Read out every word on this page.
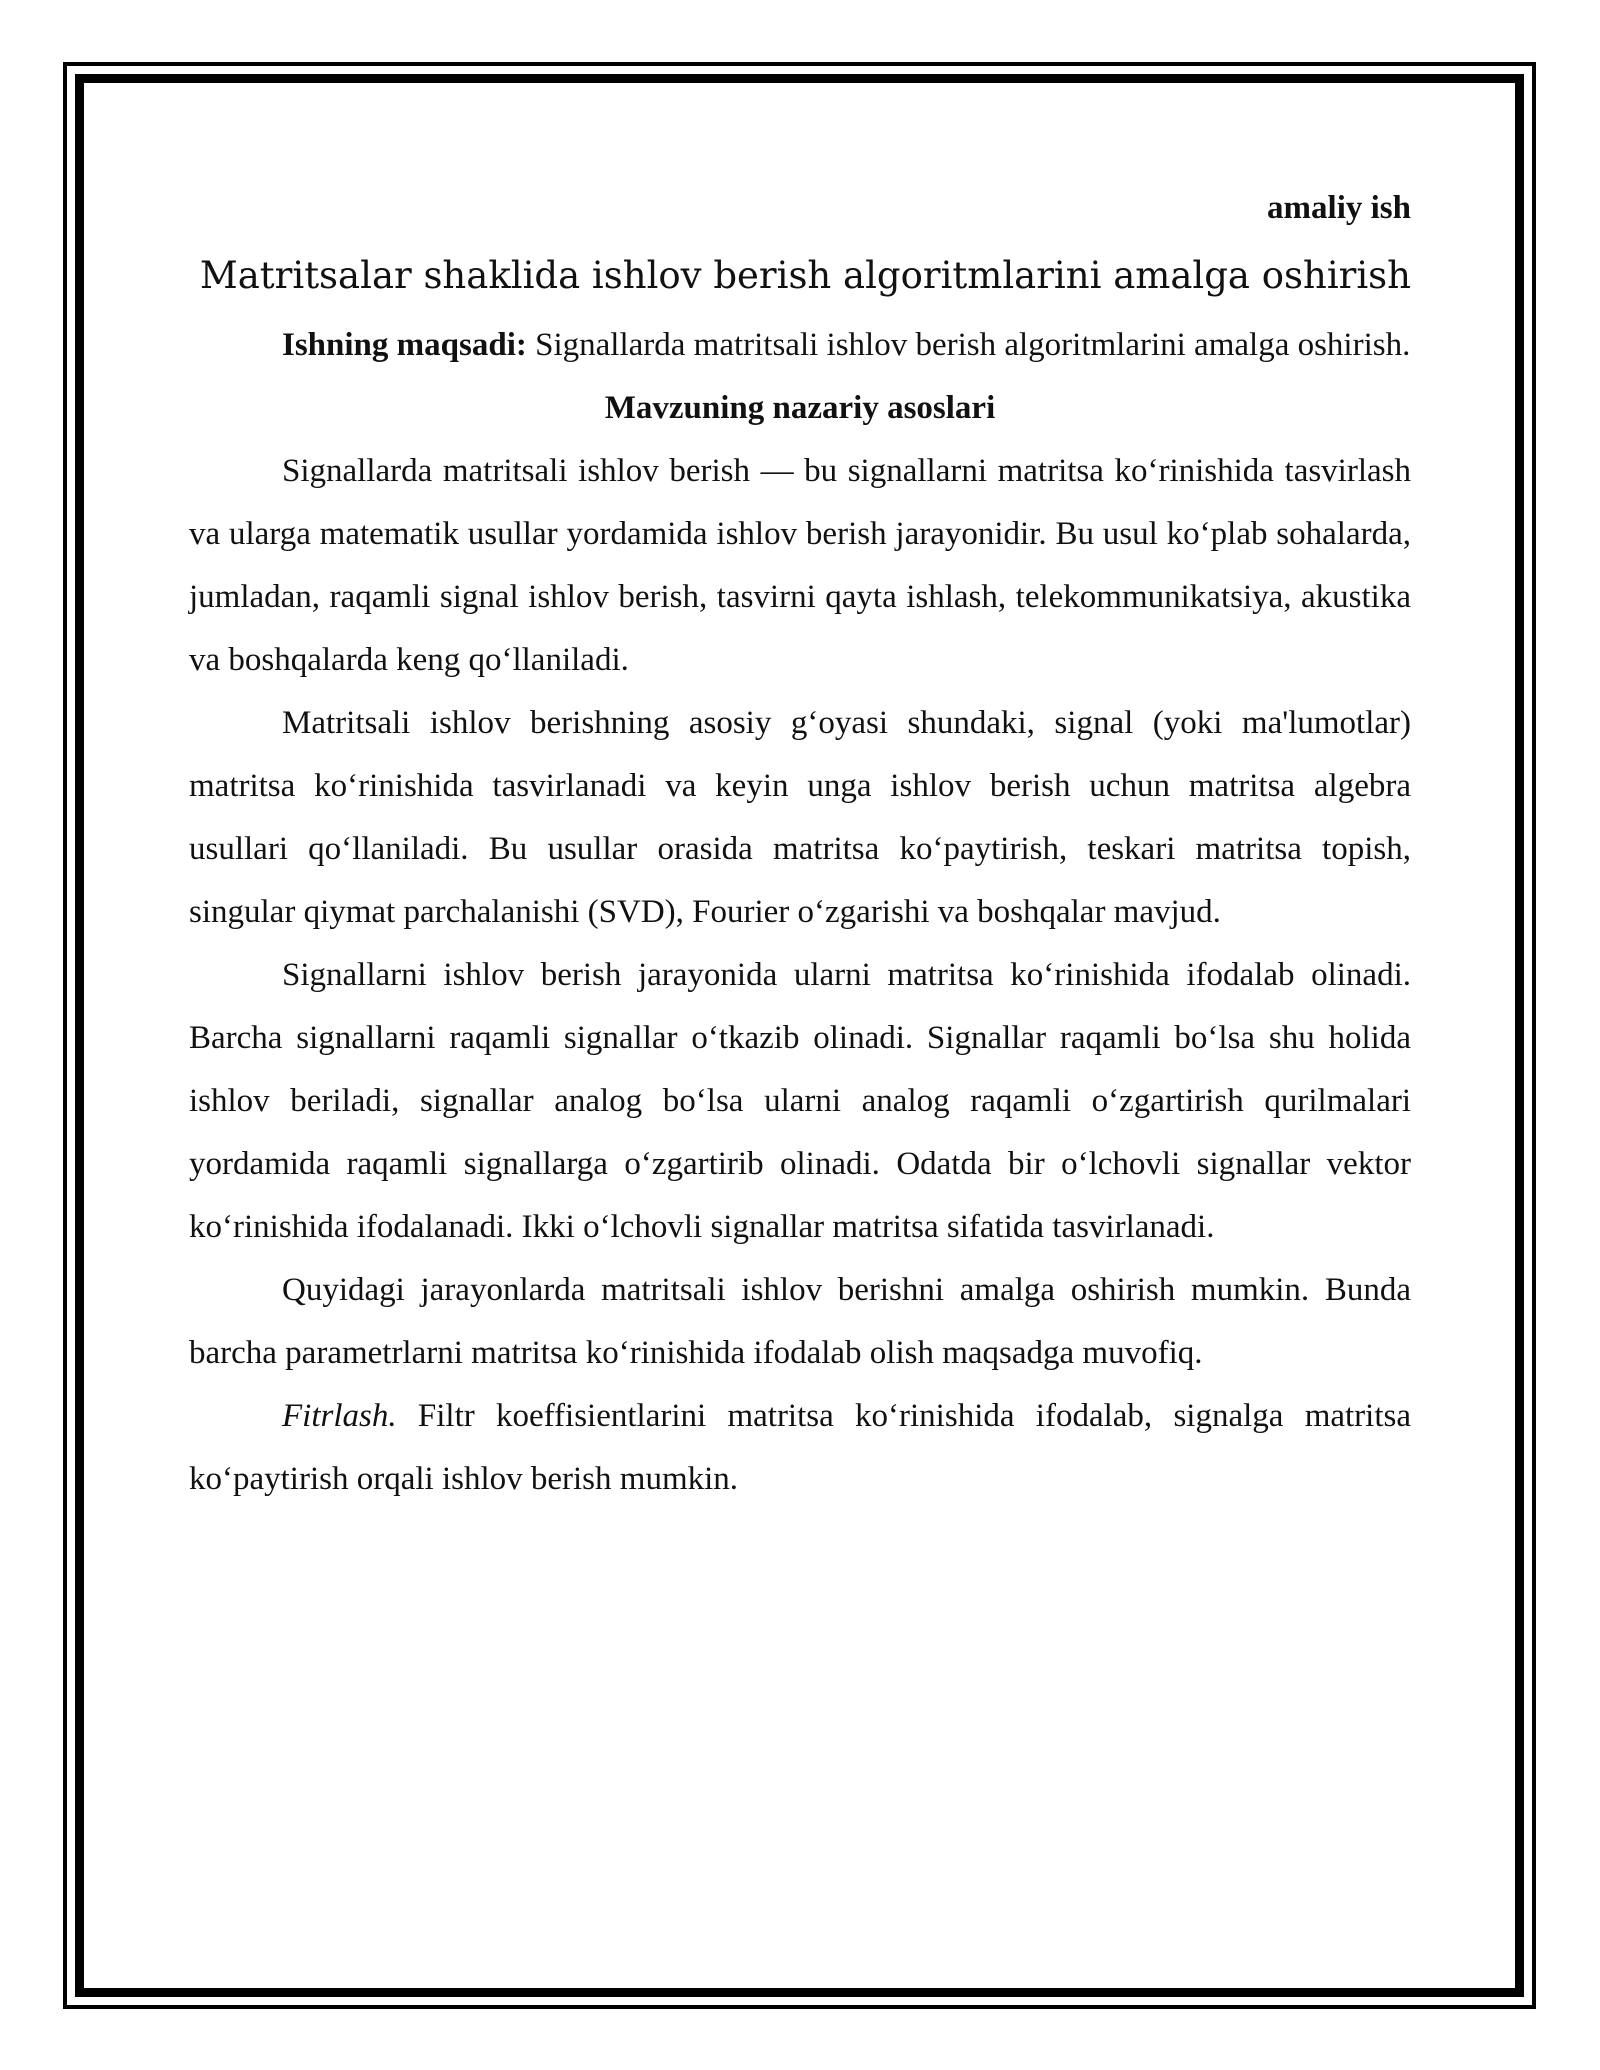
amaliy ish

Matritsalar shaklida ishlov berish algoritmlarini amalga oshirish

Ishning maqsadi: Signallarda matritsali ishlov berish algoritmlarini amalga oshirish.

Mavzuning nazariy asoslari

Signallarda matritsali ishlov berish — bu signallarni matritsa ko‘rinishida tasvirlash va ularga matematik usullar yordamida ishlov berish jarayonidir. Bu usul ko‘plab sohalarda, jumladan, raqamli signal ishlov berish, tasvirni qayta ishlash, telekommunikatsiya, akustika va boshqalarda keng qo‘llaniladi.

Matritsali ishlov berishning asosiy g‘oyasi shundaki, signal (yoki ma'lumotlar) matritsa ko‘rinishida tasvirlanadi va keyin unga ishlov berish uchun matritsa algebra usullari qo‘llaniladi. Bu usullar orasida matritsa ko‘paytirish, teskari matritsa topish, singular qiymat parchalanishi (SVD), Fourier o‘zgarishi va boshqalar mavjud.

Signallarni ishlov berish jarayonida ularni matritsa ko‘rinishida ifodalab olinadi. Barcha signallarni raqamli signallar o‘tkazib olinadi. Signallar raqamli bo‘lsa shu holida ishlov beriladi, signallar analog bo‘lsa ularni analog raqamli o‘zgartirish qurilmalari yordamida raqamli signallarga o‘zgartirib olinadi. Odatda bir o‘lchovli signallar vektor ko‘rinishida ifodalanadi. Ikki o‘lchovli signallar matritsa sifatida tasvirlanadi.

Quyidagi jarayonlarda matritsali ishlov berishni amalga oshirish mumkin. Bunda barcha parametrlarni matritsa ko‘rinishida ifodalab olish maqsadga muvofiq.

Fitrlash. Filtr koeffisientlarini matritsa ko‘rinishida ifodalab, signalga matritsa ko‘paytirish orqali ishlov berish mumkin.
